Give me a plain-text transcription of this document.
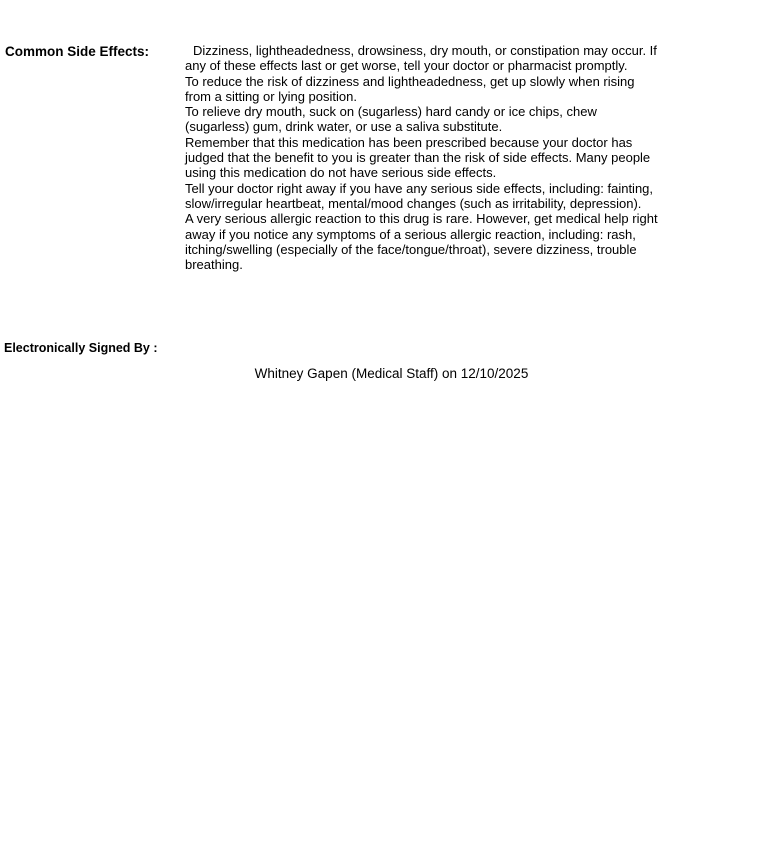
Common Side Effects:	Dizziness, lightheadedness, drowsiness, dry mouth, or constipation may occur. If any of these effects last or get worse, tell your doctor or pharmacist promptly.

To reduce the risk of dizziness and lightheadedness, get up slowly when rising from a sitting or lying position.

To relieve dry mouth, suck on (sugarless) hard candy or ice chips, chew (sugarless) gum, drink water, or use a saliva substitute.

Remember that this medication has been prescribed because your doctor has judged that the benefit to you is greater than the risk of side effects. Many people using this medication do not have serious side effects.

Tell your doctor right away if you have any serious side effects, including: fainting, slow/irregular heartbeat, mental/mood changes (such as irritability, depression).

A very serious allergic reaction to this drug is rare. However, get medical help right away if you notice any symptoms of a serious allergic reaction, including: rash, itching/swelling (especially of the face/tongue/throat), severe dizziness, trouble breathing.

Electronically Signed By :
Whitney Gapen (Medical Staff) on 12/10/2025
